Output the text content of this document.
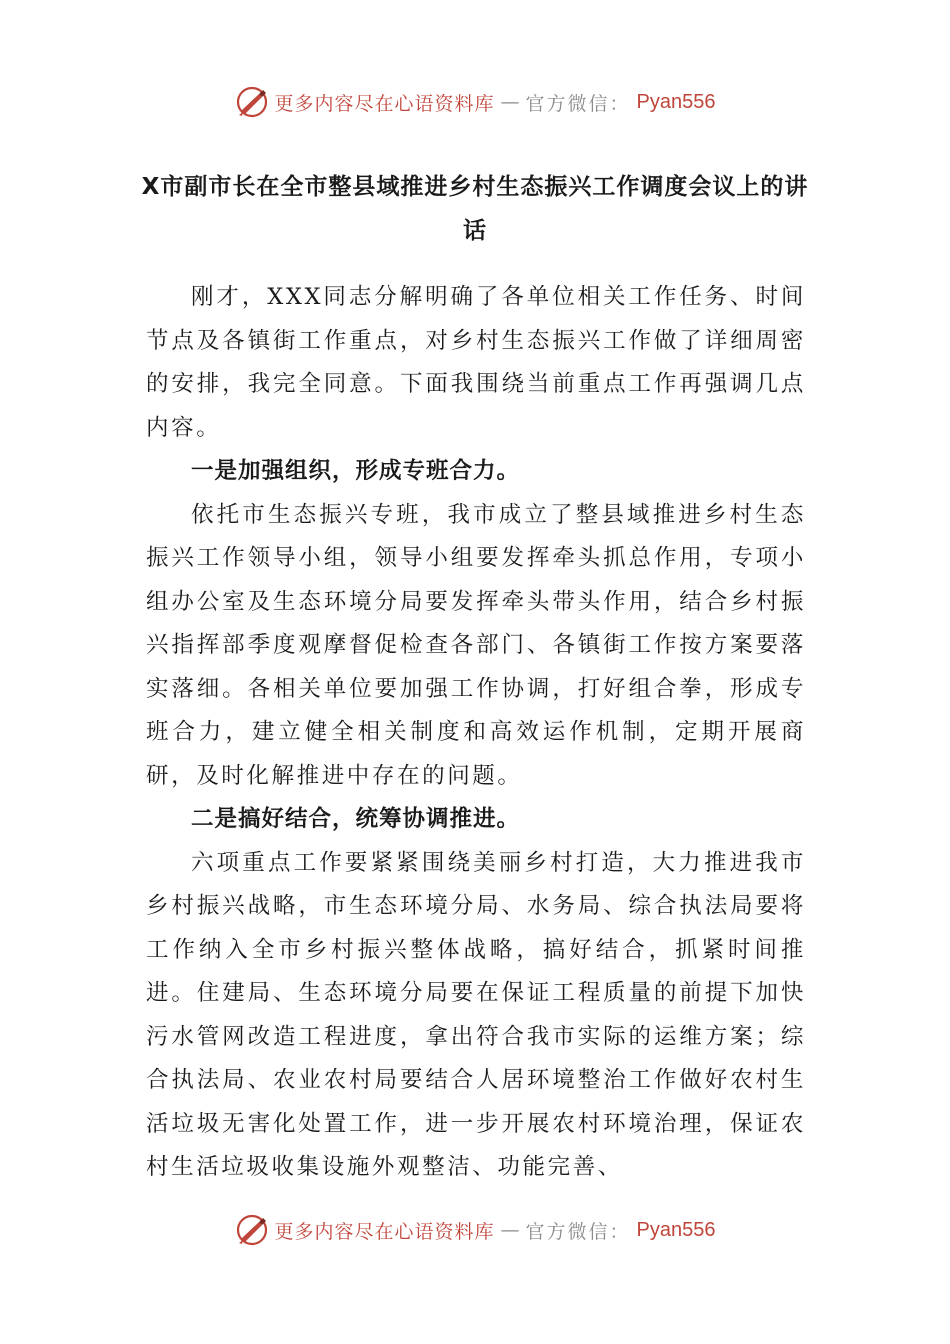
更多内容尽在心语资料库 — 官方微信： Pyan556
X市副市长在全市整县域推进乡村生态振兴工作调度会议上的讲话

刚才，XXX同志分解明确了各单位相关工作任务、时间节点及各镇街工作重点，对乡村生态振兴工作做了详细周密的安排，我完全同意。下面我围绕当前重点工作再强调几点内容。

一是加强组织，形成专班合力。

依托市生态振兴专班，我市成立了整县域推进乡村生态振兴工作领导小组，领导小组要发挥牵头抓总作用，专项小组办公室及生态环境分局要发挥牵头带头作用，结合乡村振兴指挥部季度观摩督促检查各部门、各镇街工作按方案要落实落细。各相关单位要加强工作协调，打好组合拳，形成专班合力，建立健全相关制度和高效运作机制，定期开展商研，及时化解推进中存在的问题。

二是搞好结合，统筹协调推进。

六项重点工作要紧紧围绕美丽乡村打造，大力推进我市乡村振兴战略，市生态环境分局、水务局、综合执法局要将工作纳入全市乡村振兴整体战略，搞好结合，抓紧时间推进。住建局、生态环境分局要在保证工程质量的前提下加快污水管网改造工程进度，拿出符合我市实际的运维方案；综合执法局、农业农村局要结合人居环境整治工作做好农村生活垃圾无害化处置工作，进一步开展农村环境治理，保证农村生活垃圾收集设施外观整洁、功能完善、

更多内容尽在心语资料库 — 官方微信： Pyan556
